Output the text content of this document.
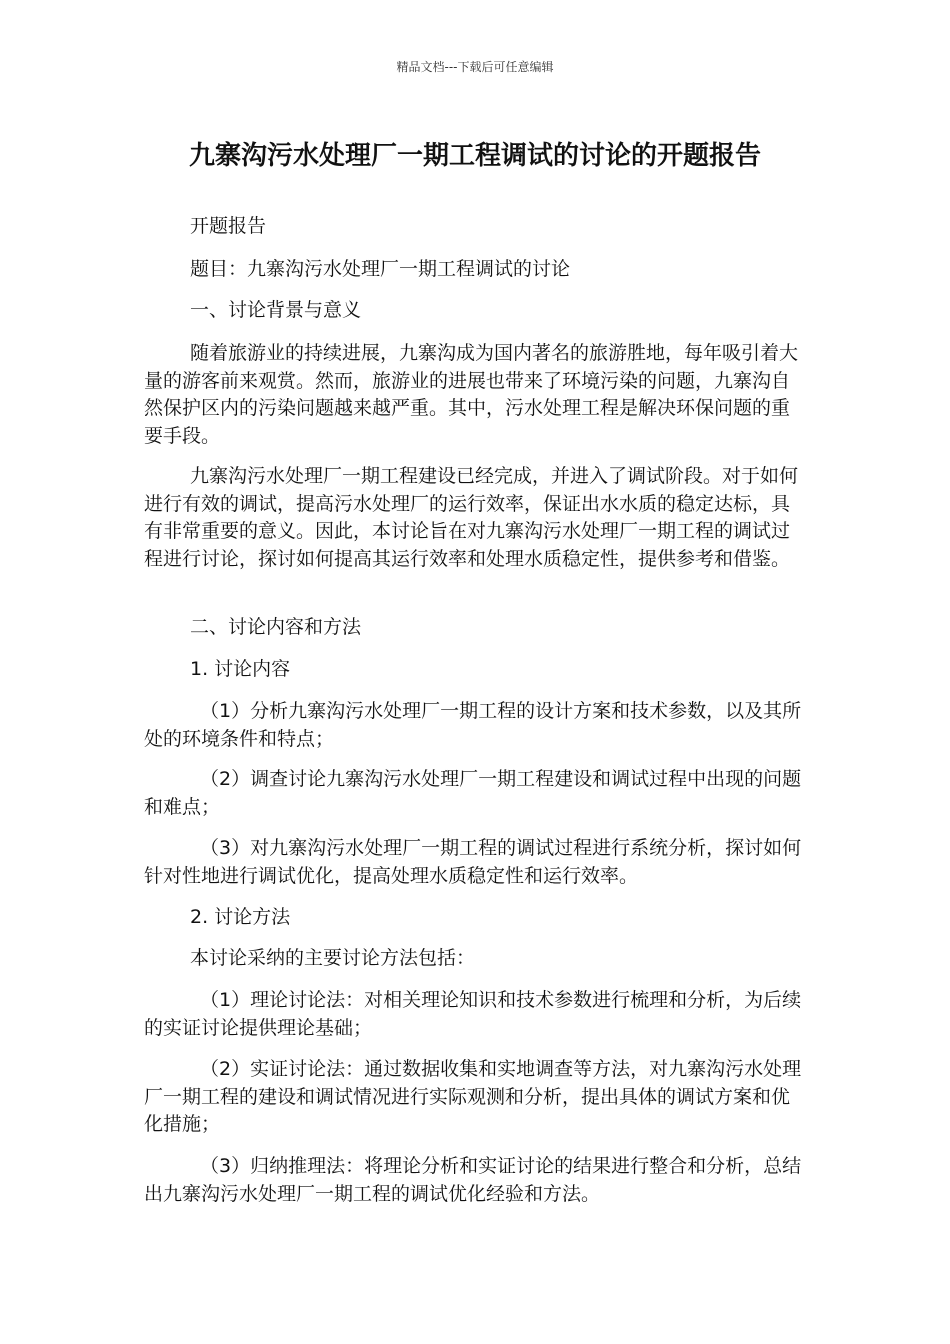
精品文档---下载后可任意编辑
九寨沟污水处理厂一期工程调试的讨论的开题报告

开题报告

题目：九寨沟污水处理厂一期工程调试的讨论

一、讨论背景与意义

随着旅游业的持续进展，九寨沟成为国内著名的旅游胜地，每年吸引着大量的游客前来观赏。然而，旅游业的进展也带来了环境污染的问题，九寨沟自然保护区内的污染问题越来越严重。其中，污水处理工程是解决环保问题的重要手段。

九寨沟污水处理厂一期工程建设已经完成，并进入了调试阶段。对于如何进行有效的调试，提高污水处理厂的运行效率，保证出水水质的稳定达标，具有非常重要的意义。因此，本讨论旨在对九寨沟污水处理厂一期工程的调试过程进行讨论，探讨如何提高其运行效率和处理水质稳定性，提供参考和借鉴。

二、讨论内容和方法

1. 讨论内容

（1）分析九寨沟污水处理厂一期工程的设计方案和技术参数，以及其所处的环境条件和特点；

（2）调查讨论九寨沟污水处理厂一期工程建设和调试过程中出现的问题和难点；

（3）对九寨沟污水处理厂一期工程的调试过程进行系统分析，探讨如何针对性地进行调试优化，提高处理水质稳定性和运行效率。

2. 讨论方法

本讨论采纳的主要讨论方法包括：

（1）理论讨论法：对相关理论知识和技术参数进行梳理和分析，为后续的实证讨论提供理论基础；

（2）实证讨论法：通过数据收集和实地调查等方法，对九寨沟污水处理厂一期工程的建设和调试情况进行实际观测和分析，提出具体的调试方案和优化措施；

（3）归纳推理法：将理论分析和实证讨论的结果进行整合和分析，总结出九寨沟污水处理厂一期工程的调试优化经验和方法。
